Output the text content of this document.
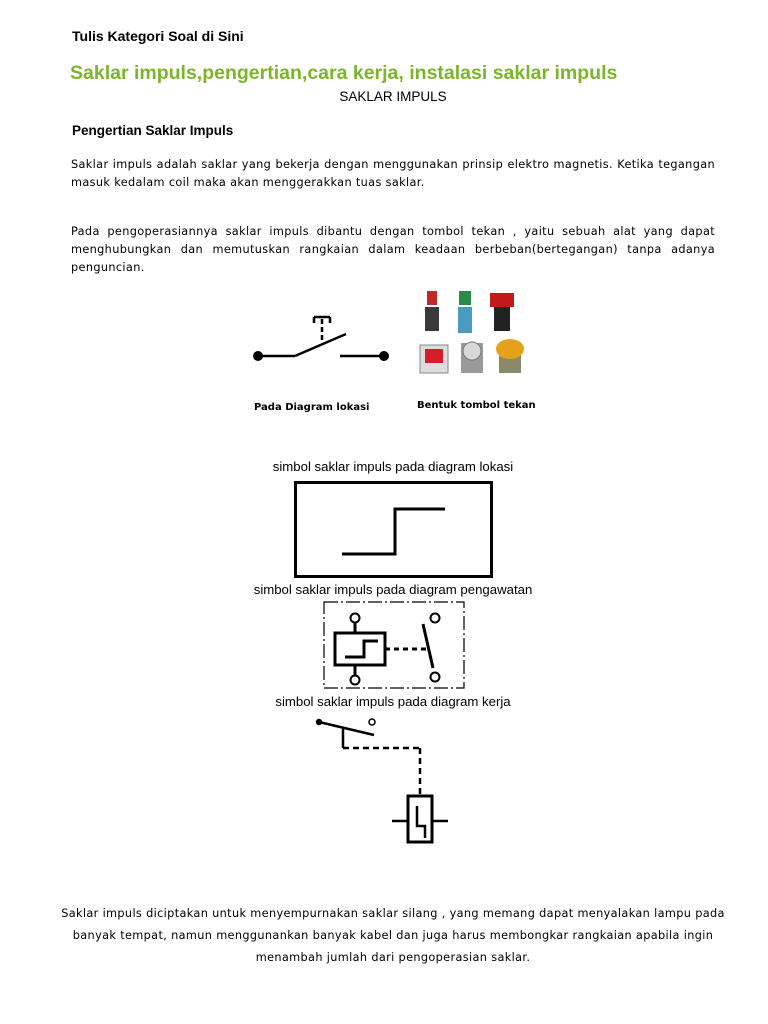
Tulis Kategori Soal di Sini
Saklar impuls,pengertian,cara kerja, instalasi saklar impuls
SAKLAR IMPULS
Pengertian Saklar Impuls
Saklar impuls adalah saklar yang bekerja dengan menggunakan prinsip elektro magnetis. Ketika tegangan masuk kedalam coil maka akan menggerakkan tuas saklar.
Pada pengoperasiannya saklar impuls dibantu dengan tombol tekan , yaitu sebuah alat yang dapat menghubungkan dan memutuskan rangkaian dalam keadaan berbeban(bertegangan) tanpa adanya penguncian.
Pada Diagram lokasi	Bentuk tombol tekan
simbol saklar impuls pada diagram lokasi
simbol saklar impuls pada diagram pengawatan
simbol saklar impuls pada diagram kerja
Saklar impuls diciptakan untuk menyempurnakan saklar silang , yang memang dapat menyalakan lampu pada banyak tempat, namun menggunankan banyak kabel dan juga harus membongkar rangkaian apabila ingin menambah jumlah dari pengoperasian saklar.
